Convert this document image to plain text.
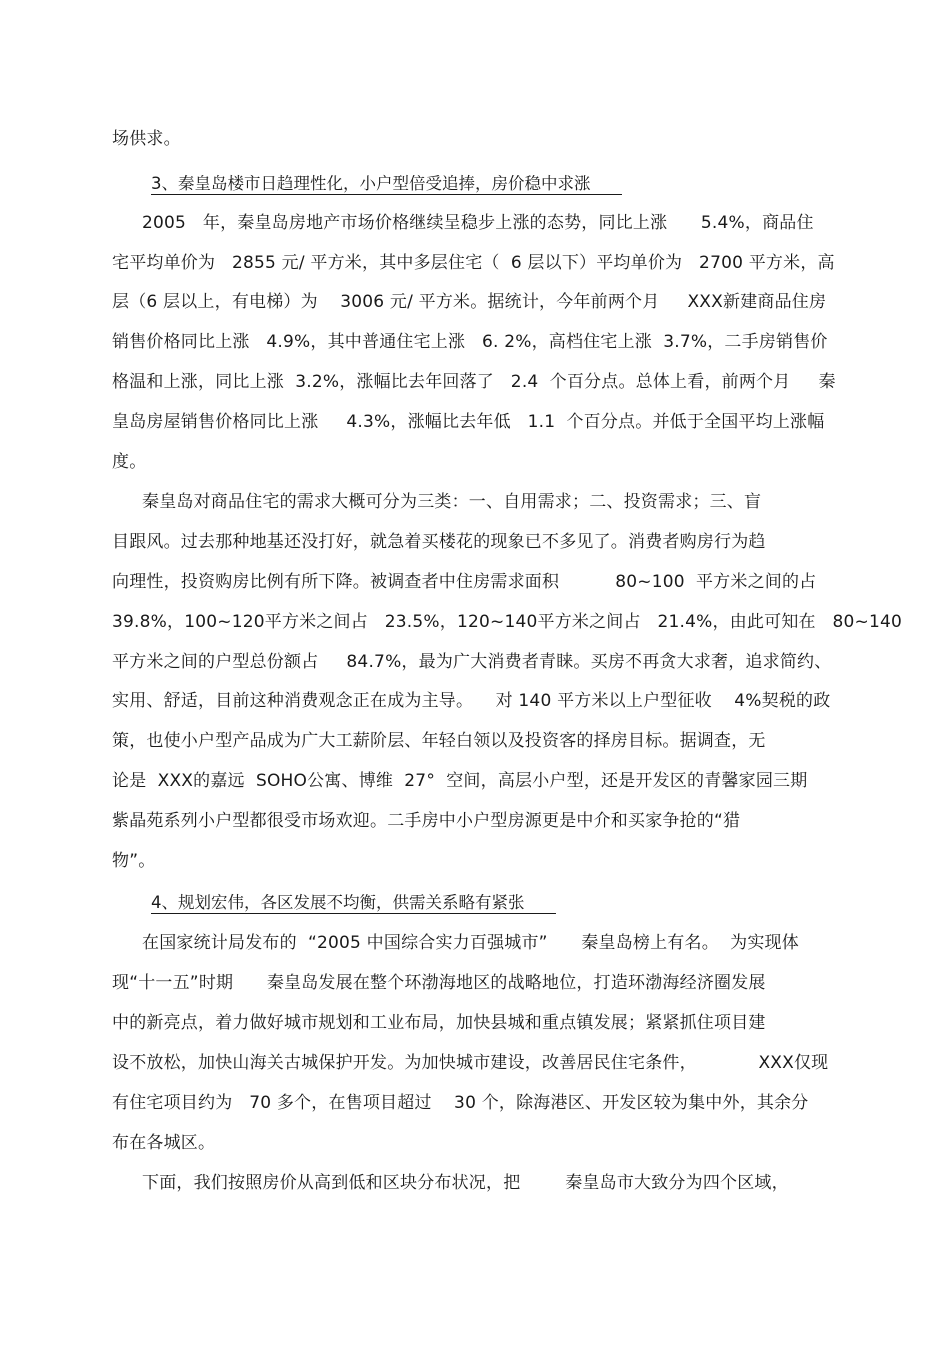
场供求。
3、秦皇岛楼市日趋理性化，小户型倍受追捧，房价稳中求涨
2005   年，秦皇岛房地产市场价格继续呈稳步上涨的态势，同比上涨      5.4%，商品住
宅平均单价为   2855 元/ 平方米，其中多层住宅（  6 层以下）平均单价为   2700 平方米，高
层（6 层以上，有电梯）为    3006 元/ 平方米。据统计，今年前两个月     XXX新建商品住房
销售价格同比上涨   4.9%，其中普通住宅上涨   6. 2%，高档住宅上涨  3.7%，二手房销售价
格温和上涨，同比上涨  3.2%，涨幅比去年回落了   2.4  个百分点。总体上看，前两个月     秦
皇岛房屋销售价格同比上涨     4.3%，涨幅比去年低   1.1  个百分点。并低于全国平均上涨幅
度。
秦皇岛对商品住宅的需求大概可分为三类：一、自用需求；二、投资需求；三、盲
目跟风。过去那种地基还没打好，就急着买楼花的现象已不多见了。消费者购房行为趋
向理性，投资购房比例有所下降。被调查者中住房需求面积          80~100  平方米之间的占
39.8%，100~120平方米之间占   23.5%，120~140平方米之间占   21.4%，由此可知在   80~140
平方米之间的户型总份额占     84.7%，最为广大消费者青睐。买房不再贪大求奢，追求简约、
实用、舒适，目前这种消费观念正在成为主导。    对 140 平方米以上户型征收    4%契税的政
策，也使小户型产品成为广大工薪阶层、年轻白领以及投资客的择房目标。据调查，无
论是  XXX的嘉远  SOHO公寓、博维  27°  空间，高层小户型，还是开发区的青馨家园三期
紫晶苑系列小户型都很受市场欢迎。二手房中小户型房源更是中介和买家争抢的“猎
物”。
4、规划宏伟，各区发展不均衡，供需关系略有紧张
在国家统计局发布的  “2005 中国综合实力百强城市”      秦皇岛榜上有名。  为实现体
现“十一五”时期      秦皇岛发展在整个环渤海地区的战略地位，打造环渤海经济圈发展
中的新亮点，着力做好城市规划和工业布局，加快县城和重点镇发展；紧紧抓住项目建
设不放松，加快山海关古城保护开发。为加快城市建设，改善居民住宅条件，           XXX仅现
有住宅项目约为   70 多个，在售项目超过    30 个，除海港区、开发区较为集中外，其余分
布在各城区。
下面，我们按照房价从高到低和区块分布状况，把        秦皇岛市大致分为四个区域，
